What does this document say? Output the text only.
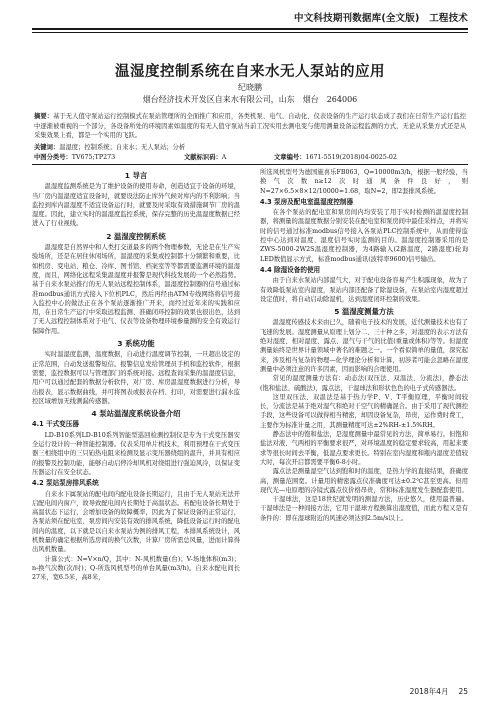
中文科技期刊数据库(全文版)　工程技术
温湿度控制系统在自来水无人泵站的应用
纪晓鹏
烟台经济技术开发区自来水有限公司，山东　烟台　264006
摘要：基于无人值守泵站运行控制模式在泵站管理所的全面推广和应用，各类机泵、电气、自动化、仪表设备的生产运行状态成了我们在日常生产运行监控中逐渐被重视的一个部分，各设备所处的环境因素如温度的有无人值守泵站当前工况实用去测电变与使用测量设备运程监测的方式，无论从采集方式还是从采集效果上看，都是一个实用的飞跃。
关键词：温湿度；控制系统；自来水；无人泵站；分析
中图分类号：TV675;TP273	文献标识码：A	文章编号：1671-5519(2018)04-0025-02
1 导言

温湿度监测系统是为了维护设备的使用寿命，创造适宜于设备的环境，当厂房内温湿度适宜设备时，就要设法防止库外气候对库内的不利影响；当监控到库内温湿度不适宜设备运行时，就要及时采取有效措施调节厂房的温湿度。因此，建立实时的温湿度监控系统，保存完整的历史温湿度数据已经进入了行业视线。

2 温湿度控制系统

温湿度是自然界中和人类打交道最多的两个物理参数，无论是在生产实验场所，还是在居住休闲场所，温湿度的采集或控制都十分频繁和重要，比如机房、变电站、粮仓、冷库、图书馆、档案室等等都需要监测环境的温湿度，而且，网络化远程采集温湿度并报警是现代科技发展的一个必然趋势。基于自来水泵站推行的无人泵站远程控制体系，温湿度控制器的信号通过标准modbus通讯方式接入下位机PLC，然后再经由ATM专线网络将信号接入监控中心的做法正在各个泵站逐渐推广开来，而经过近年来的实践和应用，在日常生产运行中采取远程监测、准确闭环控制的效果也很出色，达到了无人远程控制体系对于电气、仪表等设备物理环境参量测的安全有效运行保障作用。

3 系统功能

实时温湿度监测，温度数据，自动进行温度调节控制，一旦超出设定的正常范围，自动发送报警短信。报警信息发给管理员手机和监控软件，根据需要，监控数据可以与管理部门的系统对接。远程查询采集的温湿度信息，用户可以通过配套的数据分析软件，对厂房、库房温湿度数据进行分析，导出报表，显示数据曲线，并可将图表或报表存档、打印，对需要进行漏水监控区域增加无线测漏传感器。

4 泵站温湿度系统设备介绍
4.1 干式变压器

LD-B10系列LD-B10系列智能型巡回检测控制仪是专为干式变压器安全运行设计的一种智能控制器。仪表采用单片机技术，利用预埋在干式变压器三相绕组中的三只铂热电阻来检测及显示变压器绕组的温升，并具有相应的报警及控制功能，能够自动启停冷却风机对绕组进行强迫风冷，以保证变压器运行在安全状态。

4.2 泵站泵房排风系统

自来水下属泵站的配电间内配电设备长期运行，且由于无人泵站无法开启配电间内窗户，故导致配电间内长期处于高温状态。若配电设备长期处于高温状态下运行，会增加设备的故障概率，因此为了保证设备的正常运行，各泵站须在配电室、泵房间内安装有效的排风系统，降低设备运行时的配电间内的温度，以下就是以自来水泵站为例的排风工程，本排风系统设计，风机数量的确定根据所选房间的换气次数，计算厂房所需总风量，进而计算得出风机数量。

计算公式：N=V×n/Q，其中：N-风机数量(台)；V-场地体积(m3)；n-换气次数(次/时)；Q-所选风机型号的单台风量(m3/h)。自来水配电间长27米，宽6.5米，高8米，

所选风机型号为德国施喜乐FB063，Q=10000m3/h，根据一般经验，当换气次数n≥12次时通风条件良好，则N=27×6.5×8×12/10000≈1.68，取N=2，即2套排风系统。

4.3 泵房及配电室温湿度控制器

在各个泵站的配电室和泵房间内均安装了用于实时检测的温湿度控制器，将测量的温湿度数据分别安装在配电室和泵房间中最佳采样点，并将实时的信号通过标准modbus信号接入各泵站PLC控制系统中，从而使得监控中心达到对温度、湿度信号实时监测的目的。温湿度控制器采用的是ZWS-5000-2W2S温湿度控制器，为4路输入(2路温度，2路湿度)轮询LED数值显示方式，标准modbus通讯(波特率9600)信号输出。

4.4 除湿设备的使用

由于自来水泵站内部湿气大，对于配电设备容易产生积露现象，故为了有效降低泵站室内湿度，泵站内部还配备了除湿设备，在泵站室内湿度超过设定值时，将自动启动除湿机，达到湿度闭环控制的效果。

5 温湿度测量方法

温湿度传感技术来由已久，随着电子技术的发展，近代测量技术也有了飞速的发展。湿度测量从原理上划分二、三十种之多，对湿度的表示方法有绝对湿度、相对湿度、露点、湿气与干气的比值(重量或体积)等等。但湿度测量始终是世界计量领域中著名的难题之一。一个看似简单的量值，深究起来，涉及相当复杂的物理—化学理论分析和计算，初涉者可能会忽略在湿度测量中必须注意的许多因素，因而影响的合理使用。

常见的湿度测量方法有：动态法(双压法、双温法、分流法)，静态法(饱和盐法、硫酸法)，露点法，干湿球法和形状色色的电子式传感器法。

这里双压法、双温法是基于热力学P、V、T平衡原理，平衡时间较长，分流法是基于绝对湿气和绝对干空气的精确混合。由于采用了现代测控手段，这些设备可以做得相当精密，却因设备复杂，昂贵，运作费时费工，主要作为标准计量之用，其测量精度可达±2%RH-±1.5%RH。

静态法中的饱和盐法，是湿度测量中最常见的方法，简单易行。但饱和盐法对液、气两相的平衡要求很严，对环境温度的稳定要求较高，用起来要求等很长时间去平衡，低湿点要求更长。特别在室内湿度和瓶内湿度差值较大时，每次开启都需要平衡6-8小时。

露点法是测量湿空气达到饱和时的温度，是热力学的直接结果，准确度高，测量范围宽。计量用的精密露点仪准确度可达±0.2℃甚至更高。但用现代光—电原理的冷镜式露点仪价格昂贵，常和标准湿度发生器配套使用。

干湿球法，这是18世纪就发明的测湿方法，历史悠久，使用最普遍。干湿球法是一种间接方法，它用干湿球方程换算出湿度值，而此方程又是有条件的：即在湿球附近的风速必须达到2.5m/s以上。

2018年4月 25
